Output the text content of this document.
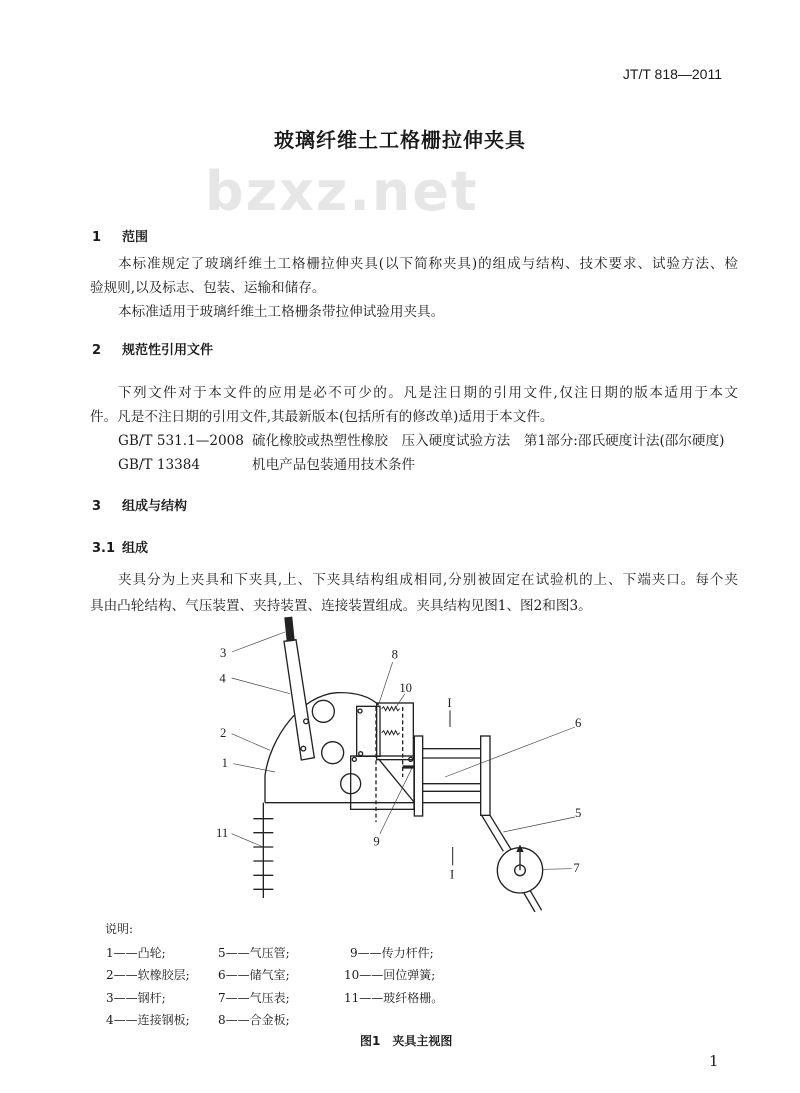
JT/T 818—2011
bzxz.net
玻璃纤维土工格栅拉伸夹具
1 范围
本标准规定了玻璃纤维土工格栅拉伸夹具(以下简称夹具)的组成与结构、技术要求、试验方法、检
验规则,以及标志、包装、运输和储存。
本标准适用于玻璃纤维土工格栅条带拉伸试验用夹具。
2 规范性引用文件
下列文件对于本文件的应用是必不可少的。凡是注日期的引用文件,仅注日期的版本适用于本文
件。凡是不注日期的引用文件,其最新版本(包括所有的修改单)适用于本文件。
GB/T 531.1—2008 硫化橡胶或热塑性橡胶　压入硬度试验方法　第1部分:邵氏硬度计法(邵尔硬度)
GB/T 13384	机电产品包装通用技术条件
3 组成与结构
3.1 组成
夹具分为上夹具和下夹具,上、下夹具结构组成相同,分别被固定在试验机的上、下端夹口。每个夹
具由凸轮结构、气压装置、夹持装置、连接装置组成。夹具结构见图1、图2和图3。
3
4
2
1
11
8
10
6
5
7
9
I
I
说明:
1——凸轮;	5——气压管;	9——传力杆件;
2——软橡胶层; 6——储气室;	10——回位弹簧;
3——钢杆;	7——气压表;	11——玻纤格栅。
4——连接钢板; 8——合金板;
图1　夹具主视图
1
